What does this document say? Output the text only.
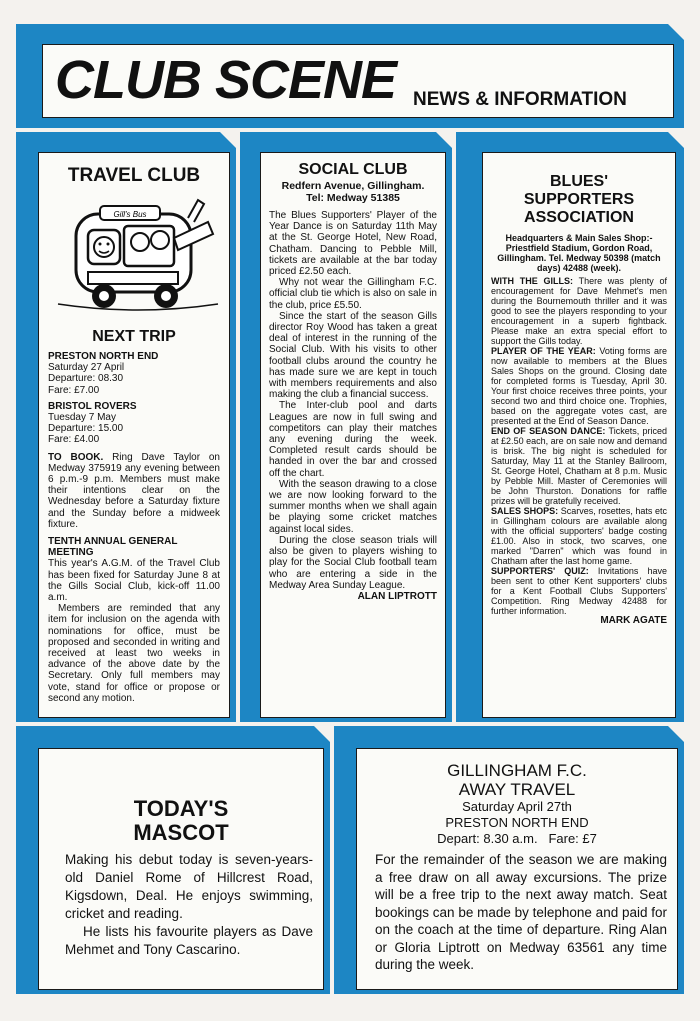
CLUB SCENE NEWS & INFORMATION
TRAVEL CLUB
Gill's Bus
NEXT TRIP
PRESTON NORTH END
Saturday 27 April
Departure: 08.30
Fare: £7.00
BRISTOL ROVERS
Tuesday 7 May
Departure: 15.00
Fare: £4.00

TO BOOK. Ring Dave Taylor on Medway 375919 any evening between 6 p.m.-9 p.m. Members must make their intentions clear on the Wednesday before a Saturday fixture and the Sunday before a midweek fixture.

TENTH ANNUAL GENERAL MEETING

This year's A.G.M. of the Travel Club has been fixed for Saturday June 8 at the Gills Social Club, kick-off 11.00 a.m.

Members are reminded that any item for inclusion on the agenda with nominations for office, must be proposed and seconded in writing and received at least two weeks in advance of the above date by the Secretary. Only full members may vote, stand for office or propose or second any motion.

SOCIAL CLUB
Redfern Avenue, Gillingham.
Tel: Medway 51385

The Blues Supporters' Player of the Year Dance is on Saturday 11th May at the St. George Hotel, New Road, Chatham. Dancing to Pebble Mill, tickets are available at the bar today priced £2.50 each.

Why not wear the Gillingham F.C. official club tie which is also on sale in the club, price £5.50.

Since the start of the season Gills director Roy Wood has taken a great deal of interest in the running of the Social Club. With his visits to other football clubs around the country he has made sure we are kept in touch with members requirements and also making the club a financial success.

The Inter-club pool and darts Leagues are now in full swing and competitors can play their matches any evening during the week. Completed result cards should be handed in over the bar and crossed off the chart.

With the season drawing to a close we are now looking forward to the summer months when we shall again be playing some cricket matches against local sides.

During the close season trials will also be given to players wishing to play for the Social Club football team who are entering a side in the Medway Area Sunday League.

ALAN LIPTROTT
BLUES'
SUPPORTERS
ASSOCIATION
Headquarters & Main Sales Shop:- Priestfield Stadium, Gordon Road, Gillingham. Tel. Medway 50398 (match days) 42488 (week).

WITH THE GILLS: There was plenty of encouragement for Dave Mehmet's men during the Bournemouth thriller and it was good to see the players responding to your encouragement in a superb fightback. Please make an extra special effort to support the Gills today.

PLAYER OF THE YEAR: Voting forms are now available to members at the Blues Sales Shops on the ground. Closing date for completed forms is Tuesday, April 30. Your first choice receives three points, your second two and third choice one. Trophies, based on the aggregate votes cast, are presented at the End of Season Dance.

END OF SEASON DANCE: Tickets, priced at £2.50 each, are on sale now and demand is brisk. The big night is scheduled for Saturday, May 11 at the Stanley Ballroom, St. George Hotel, Chatham at 8 p.m. Music by Pebble Mill. Master of Ceremonies will be John Thurston. Donations for raffle prizes will be gratefully received.

SALES SHOPS: Scarves, rosettes, hats etc in Gillingham colours are available along with the official supporters' badge costing £1.00. Also in stock, two scarves, one marked "Darren" which was found in Chatham after the last home game.

SUPPORTERS' QUIZ: Invitations have been sent to other Kent supporters' clubs for a Kent Football Clubs Supporters' Competition. Ring Medway 42488 for further information.

MARK AGATE
TODAY'S
MASCOT

Making his debut today is seven-years-old Daniel Rome of Hillcrest Road, Kigsdown, Deal. He enjoys swimming, cricket and reading.

He lists his favourite players as Dave Mehmet and Tony Cascarino.

GILLINGHAM F.C.
AWAY TRAVEL
Saturday April 27th
PRESTON NORTH END
Depart: 8.30 a.m. Fare: £7
For the remainder of the season we are making a free draw on all away excursions. The prize will be a free trip to the next away match. Seat bookings can be made by telephone and paid for on the coach at the time of departure. Ring Alan or Gloria Liptrott on Medway 63561 any time during the week.
